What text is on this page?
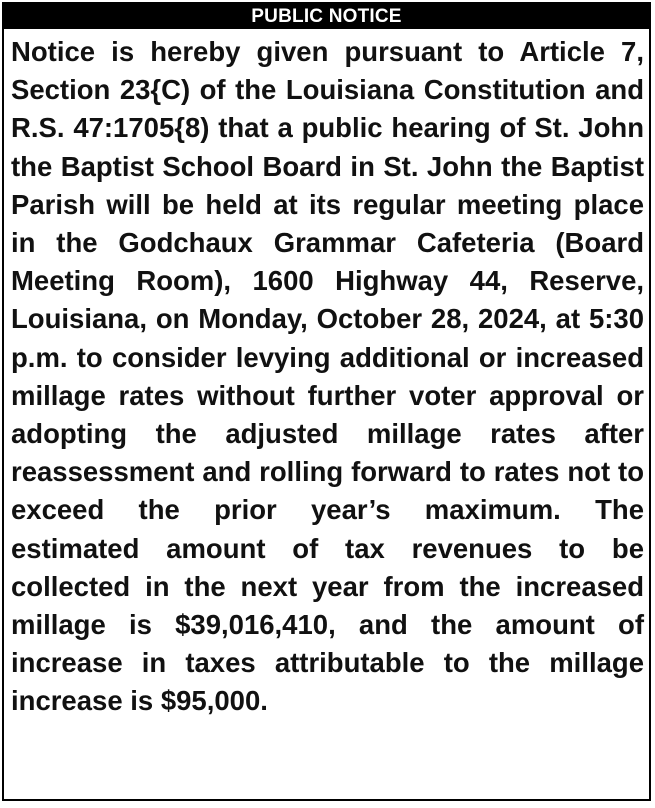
PUBLIC NOTICE

Notice is hereby given pursuant to Article 7, Section 23{C) of the Louisiana Constitution and R.S. 47:1705{8) that a public hearing of St. John the Baptist School Board in St. John the Baptist Parish will be held at its regular meeting place in the Godchaux Grammar Cafeteria (Board Meeting Room), 1600 Highway 44, Reserve, Louisiana, on Monday, October 28, 2024, at 5:30 p.m. to consider levying additional or increased millage rates without further voter approval or adopting the adjusted millage rates after reassessment and rolling forward to rates not to exceed the prior year’s maximum. The estimated amount of tax revenues to be collected in the next year from the increased millage is $39,016,410, and the amount of increase in taxes attributable to the millage increase is $95,000.
